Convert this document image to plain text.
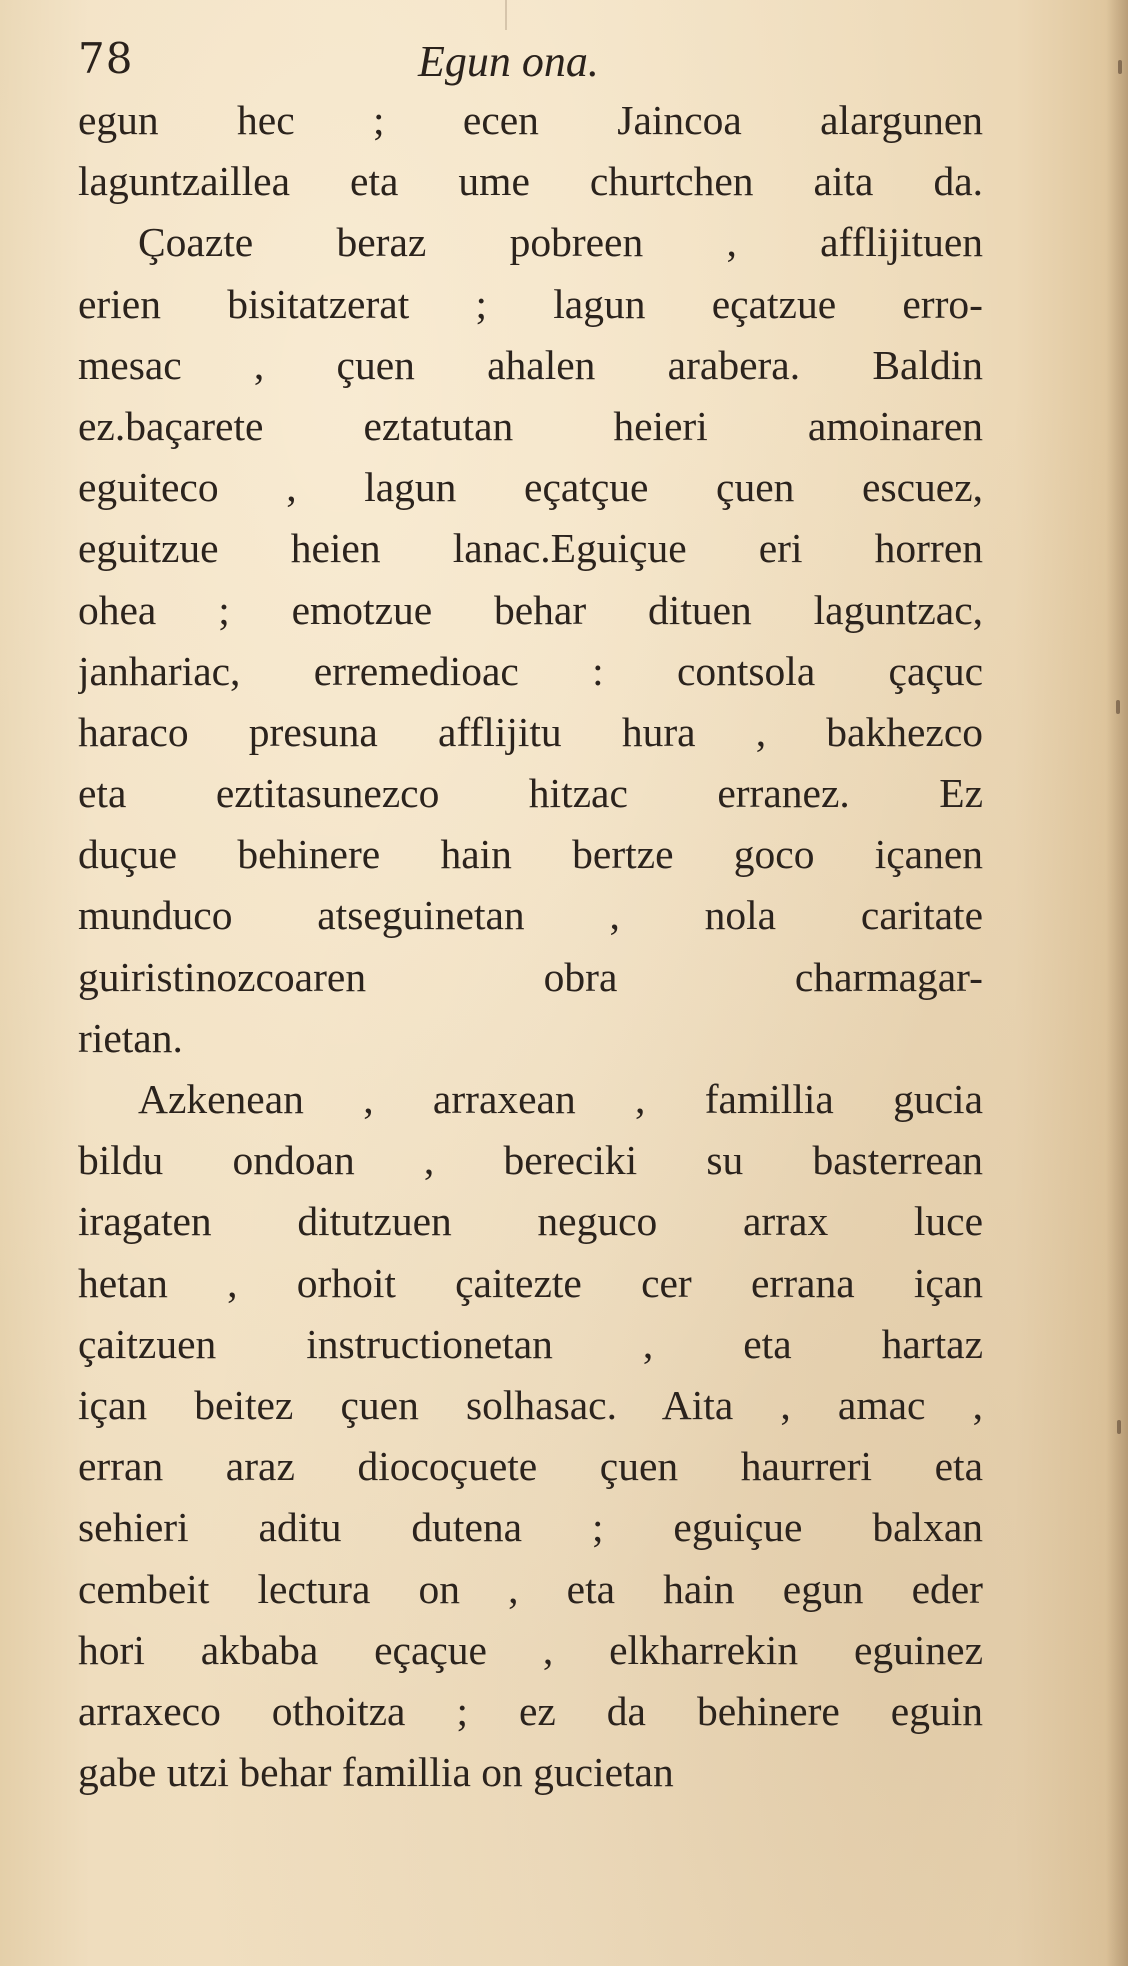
78	Egun ona.
egun hec ; ecen Jaincoa alargunen
laguntzaillea eta ume churtchen aita da.
Çoazte beraz pobreen , afflijituen
erien bisitatzerat ; lagun eçatzue erro-
mesac , çuen ahalen arabera. Baldin
ez.baçarete eztatutan heieri amoinaren
eguiteco , lagun eçatçue çuen escuez,
eguitzue heien lanac.Eguiçue eri horren
ohea ; emotzue behar dituen laguntzac,
janhariac, erremedioac : contsola çaçuc
haraco presuna afflijitu hura , bakhezco
eta eztitasunezco hitzac erranez. Ez
duçue behinere hain bertze goco içanen
munduco atseguinetan , nola caritate
guiristinozcoaren obra charmagar-
rietan.
Azkenean , arraxean , famillia gucia
bildu ondoan , bereciki su basterrean
iragaten ditutzuen neguco arrax luce
hetan , orhoit çaitezte cer errana içan
çaitzuen instructionetan , eta hartaz
içan beitez çuen solhasac. Aita , amac ,
erran araz diocoçuete çuen haurreri eta
sehieri aditu dutena ; eguiçue balxan
cembeit lectura on , eta hain egun eder
hori akbaba eçaçue , elkharrekin eguinez
arraxeco othoitza ; ez da behinere eguin
gabe utzi behar famillia on gucietan
